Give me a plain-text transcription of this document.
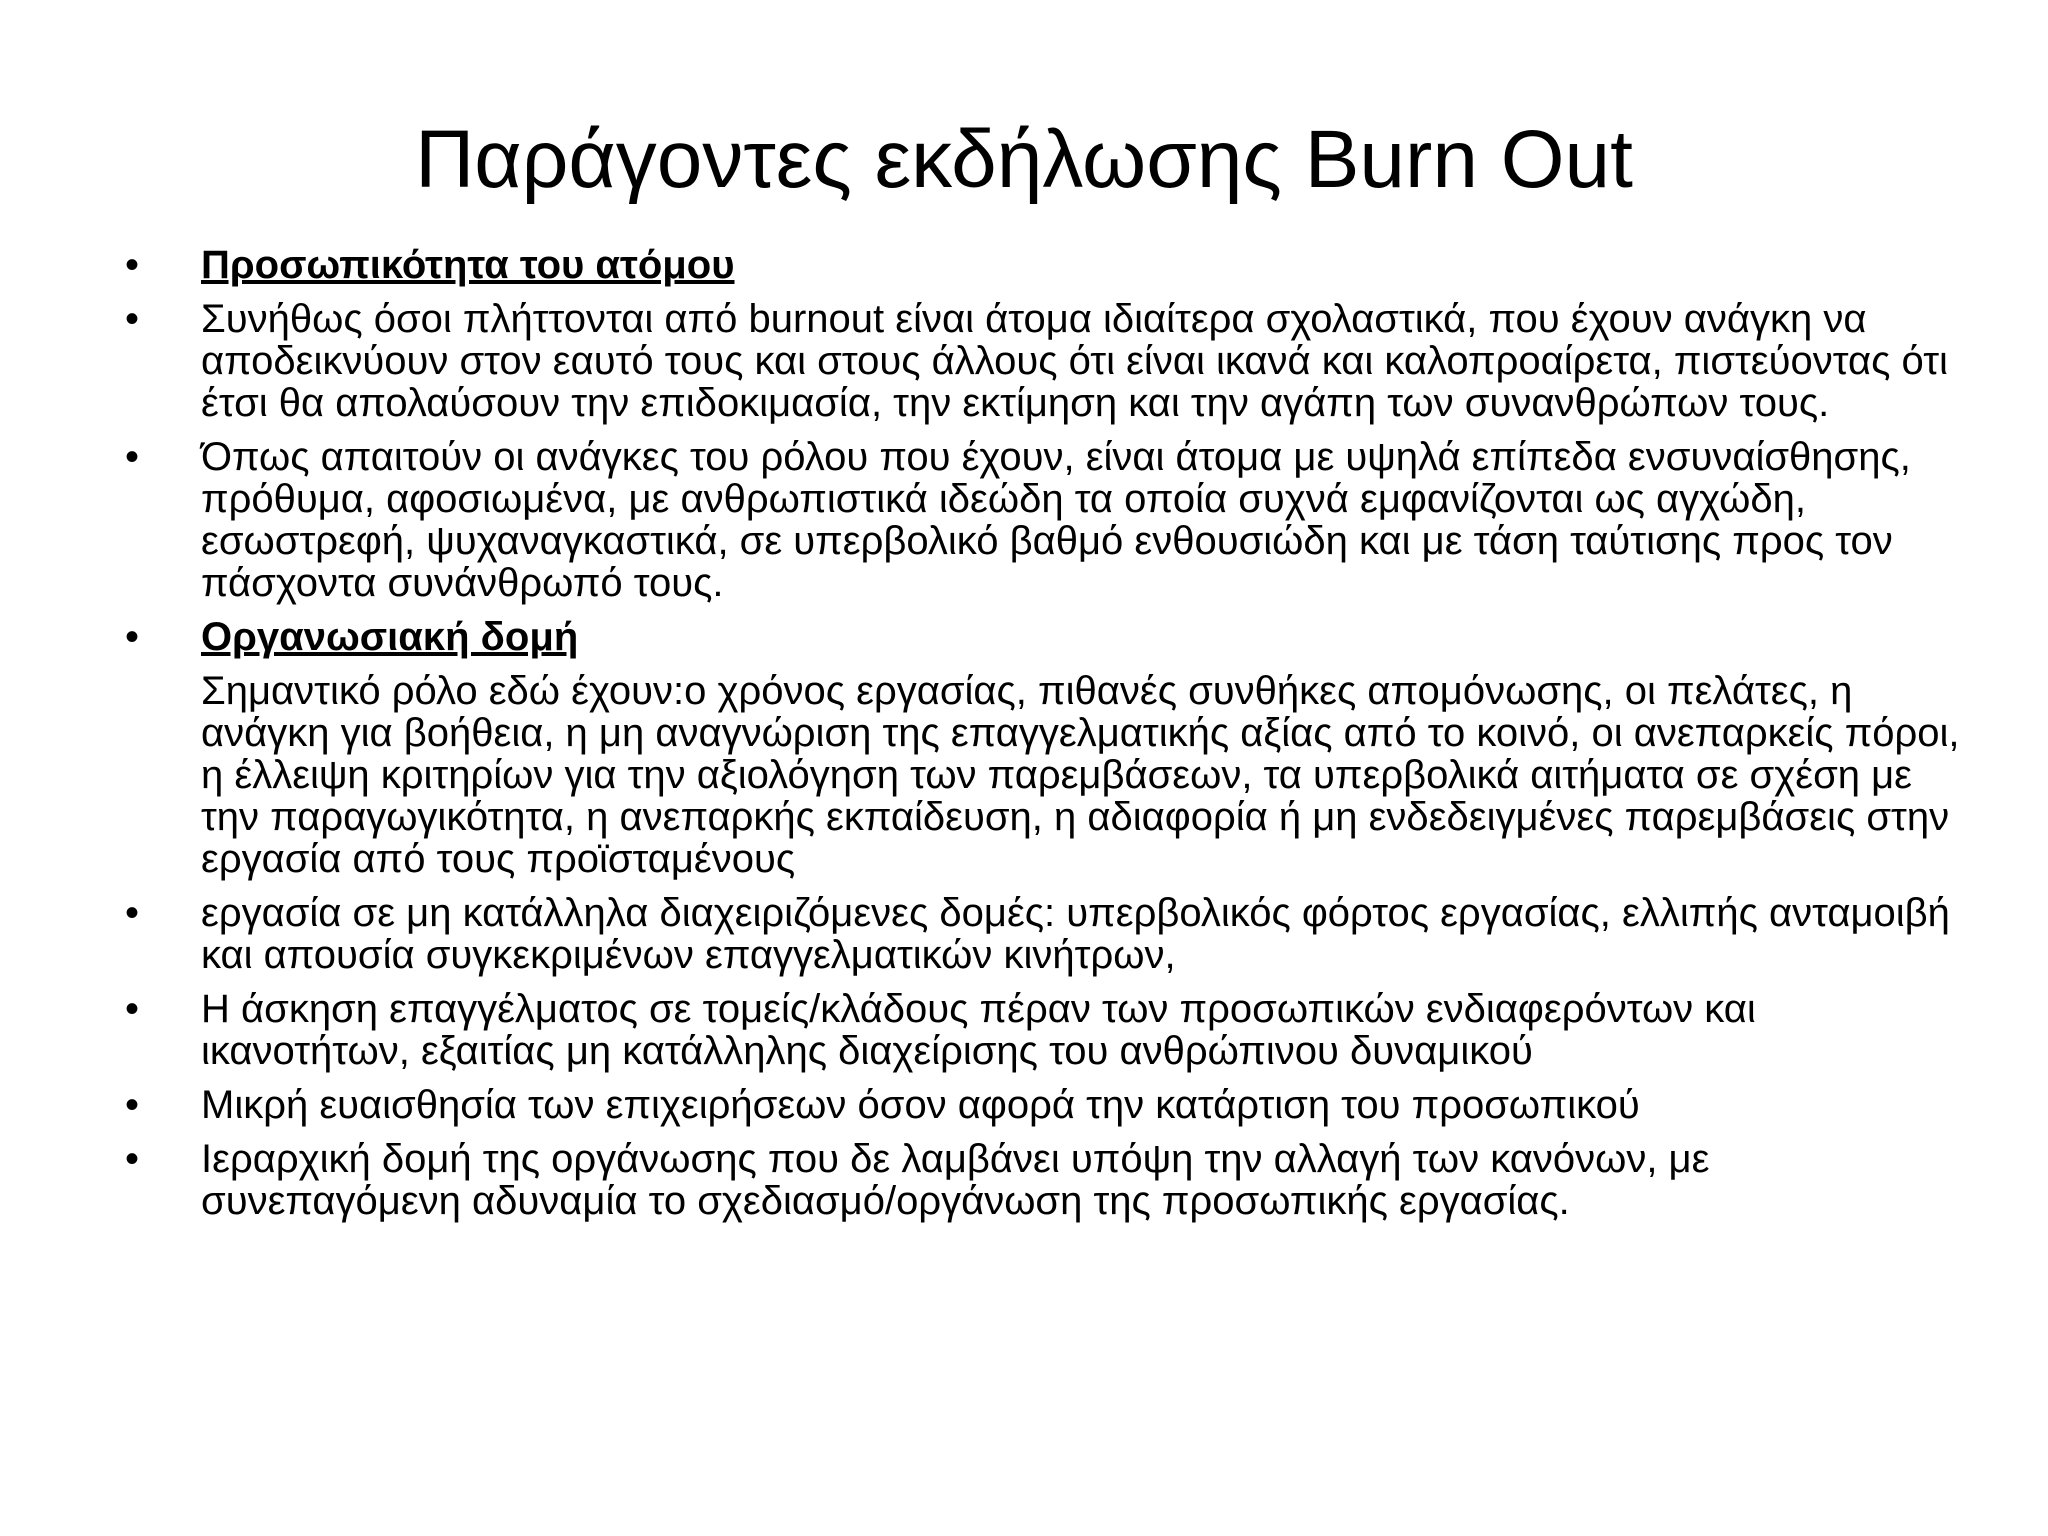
Παράγοντες εκδήλωσης Burn Out
•	Προσωπικότητα του ατόμου
•	Συνήθως όσοι πλήττονται από burnout είναι άτομα ιδιαίτερα σχολαστικά, που έχουν ανάγκη να αποδεικνύουν στον εαυτό τους και στους άλλους ότι είναι ικανά και καλοπροαίρετα, πιστεύοντας ότι έτσι θα απολαύσουν την επιδοκιμασία, την εκτίμηση και την αγάπη των συνανθρώπων τους.
•	Όπως απαιτούν οι ανάγκες του ρόλου που έχουν, είναι άτομα με υψηλά επίπεδα ενσυναίσθησης, πρόθυμα, αφοσιωμένα, με ανθρωπιστικά ιδεώδη τα οποία συχνά εμφανίζονται ως αγχώδη, εσωστρεφή, ψυχαναγκαστικά, σε υπερβολικό βαθμό ενθουσιώδη και με τάση ταύτισης προς τον πάσχοντα συνάνθρωπό τους.
•	Οργανωσιακή δομή
Σημαντικό ρόλο εδώ έχουν:ο χρόνος εργασίας, πιθανές συνθήκες απομόνωσης, οι πελάτες, η ανάγκη για βοήθεια, η μη αναγνώριση της επαγγελματικής αξίας από το κοινό, οι ανεπαρκείς πόροι, η έλλειψη κριτηρίων για την αξιολόγηση των παρεμβάσεων, τα υπερβολικά αιτήματα σε σχέση με την παραγωγικότητα, η ανεπαρκής εκπαίδευση, η αδιαφορία ή μη ενδεδειγμένες παρεμβάσεις στην εργασία από τους προϊσταμένους
•	εργασία σε μη κατάλληλα διαχειριζόμενες δομές: υπερβολικός φόρτος εργασίας, ελλιπής ανταμοιβή και απουσία συγκεκριμένων επαγγελματικών κινήτρων,
•	Η άσκηση επαγγέλματος σε τομείς/κλάδους πέραν των προσωπικών ενδιαφερόντων και ικανοτήτων, εξαιτίας μη κατάλληλης διαχείρισης του ανθρώπινου δυναμικού
•	Μικρή ευαισθησία των επιχειρήσεων όσον αφορά την κατάρτιση του προσωπικού
•	Ιεραρχική δομή της οργάνωσης που δε λαμβάνει υπόψη την αλλαγή των κανόνων, με συνεπαγόμενη αδυναμία το σχεδιασμό/οργάνωση της προσωπικής εργασίας.
